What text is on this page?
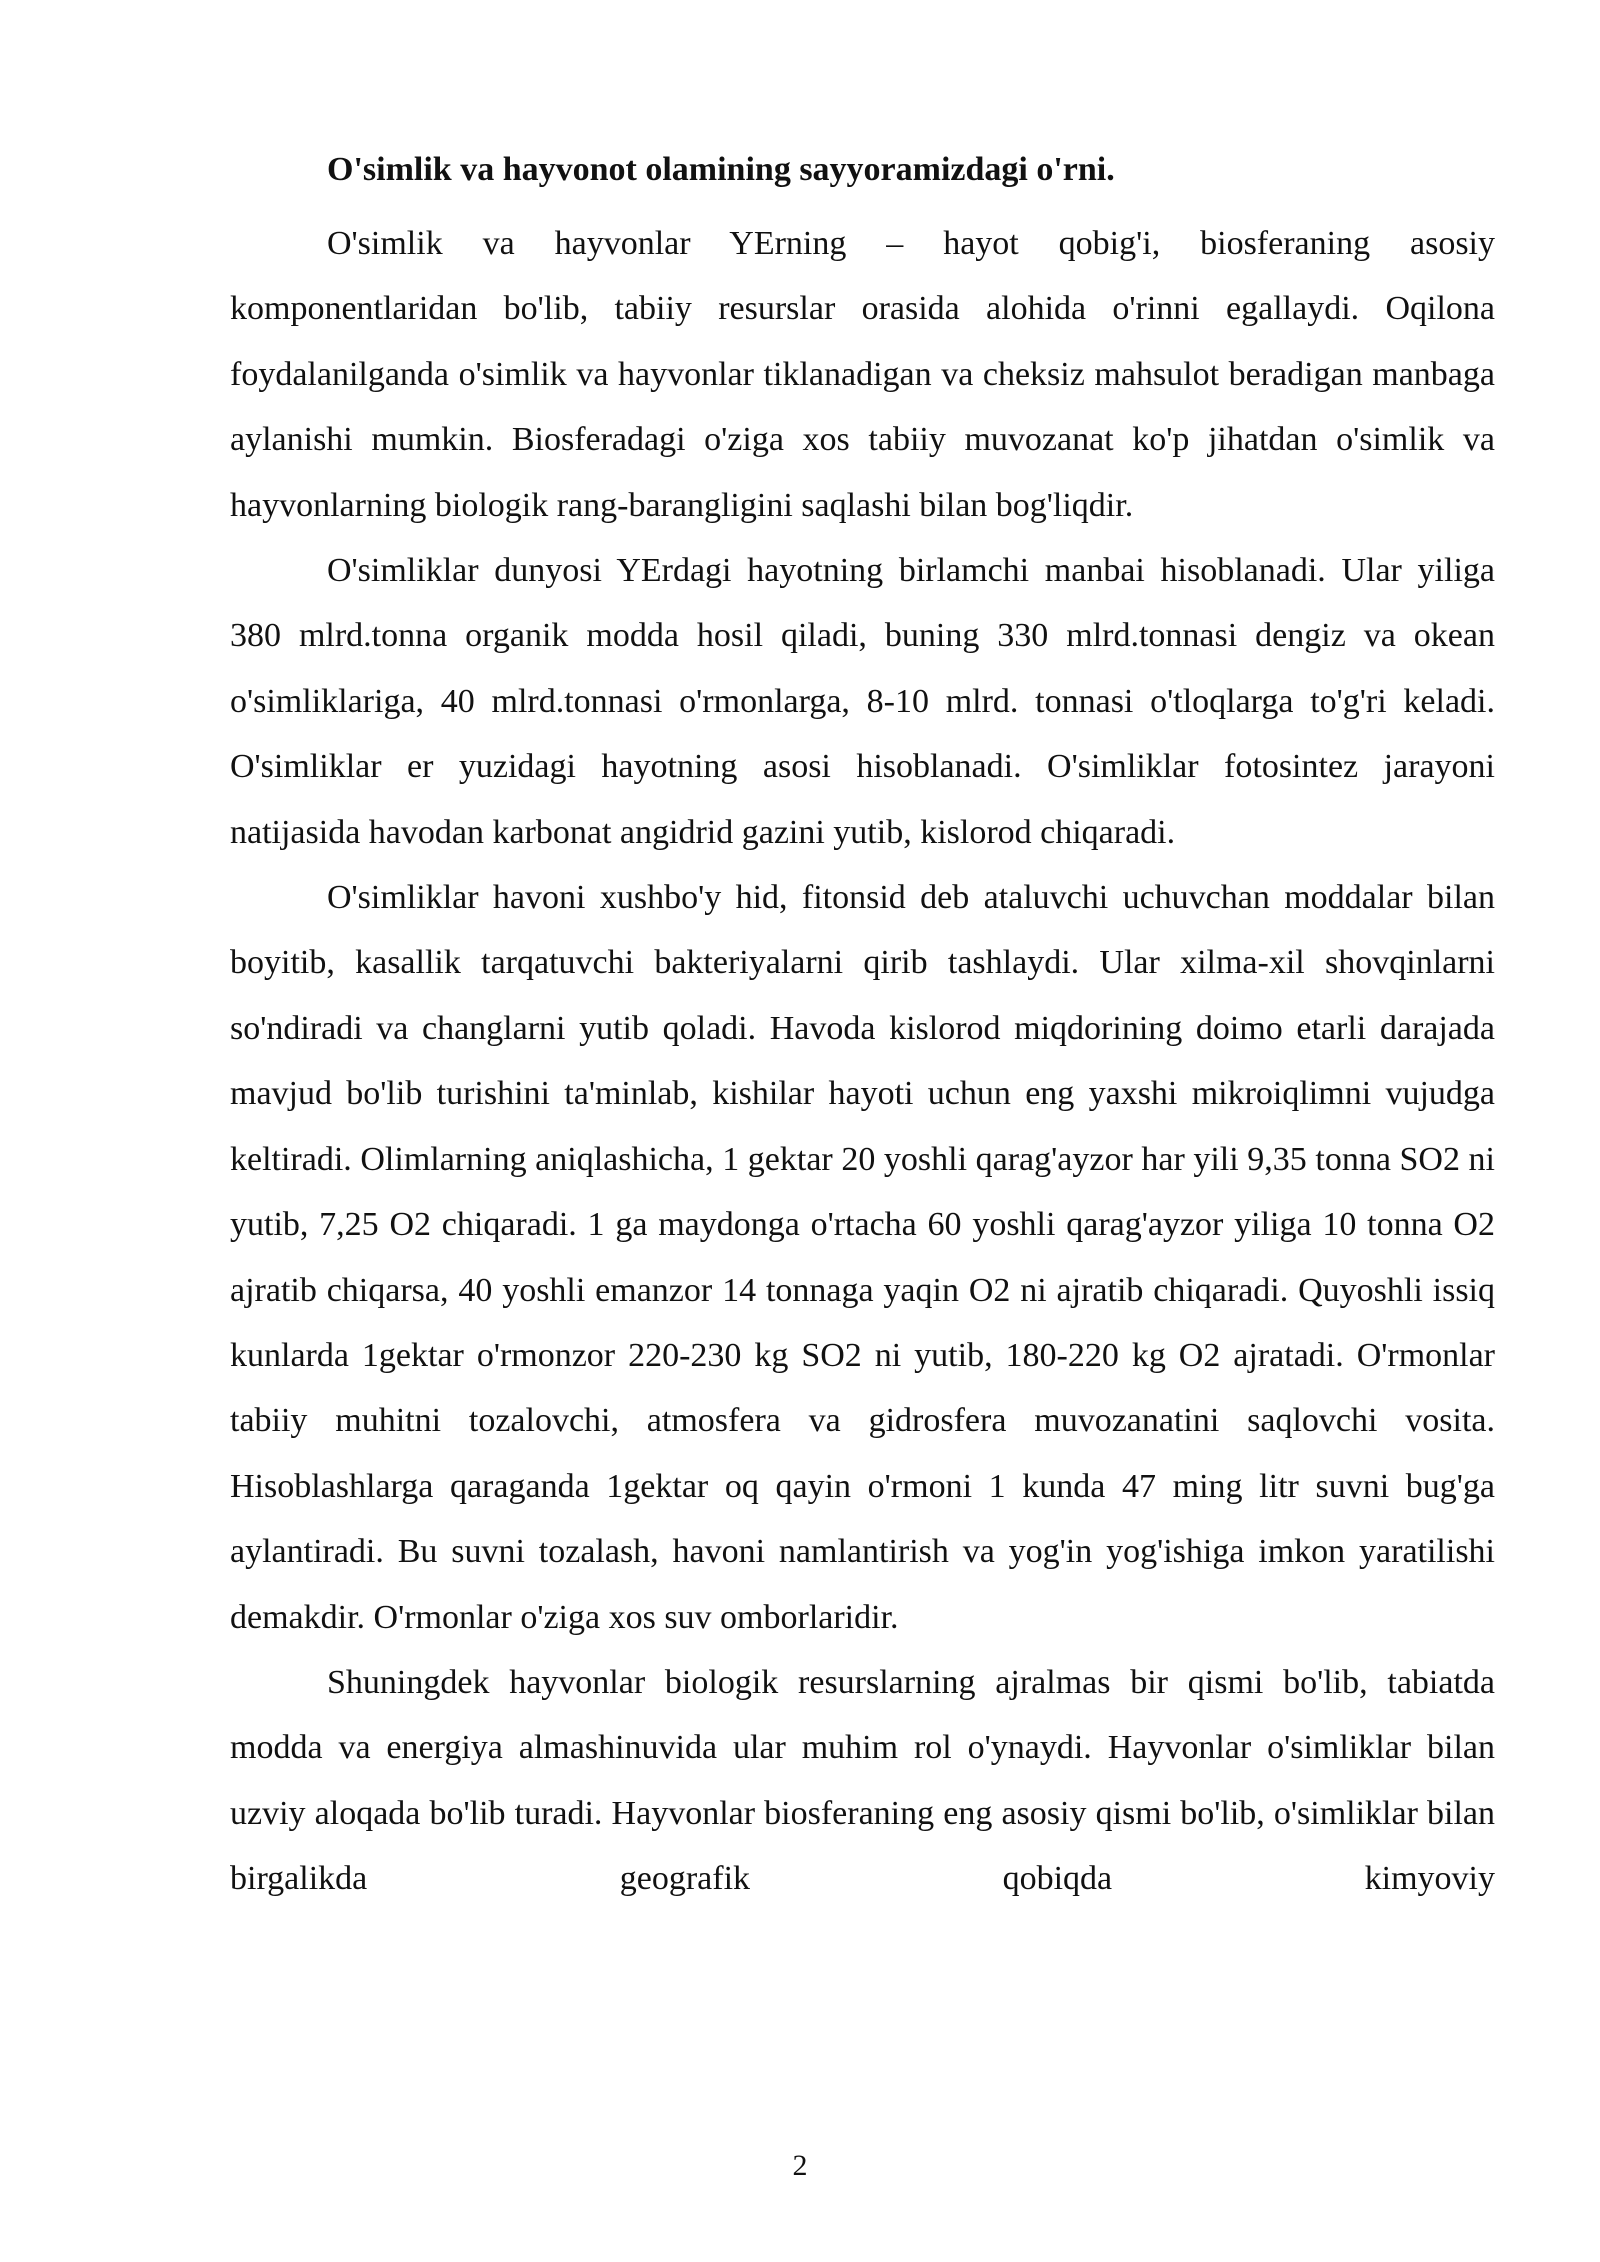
O'simlik va hayvonot olamining sayyoramizdagi o'rni.

O'simlik va hayvonlar YErning – hayot qobig'i, biosferaning asosiy komponentlaridan bo'lib, tabiiy resurslar orasida alohida o'rinni egallaydi. Oqilona foydalanilganda o'simlik va hayvonlar tiklanadigan va cheksiz mahsulot beradigan manbaga aylanishi mumkin. Biosferadagi o'ziga xos tabiiy muvozanat ko'p jihatdan o'simlik va hayvonlarning biologik rang-barangligini saqlashi bilan bog'liqdir.

O'simliklar dunyosi YErdagi hayotning birlamchi manbai hisoblanadi. Ular yiliga 380 mlrd.tonna organik modda hosil qiladi, buning 330 mlrd.tonnasi dengiz va okean o'simliklariga, 40 mlrd.tonnasi o'rmonlarga, 8-10 mlrd. tonnasi o'tloqlarga to'g'ri keladi. O'simliklar er yuzidagi hayotning asosi hisoblanadi. O'simliklar fotosintez jarayoni natijasida havodan karbonat angidrid gazini yutib, kislorod chiqaradi.

O'simliklar havoni xushbo'y hid, fitonsid deb ataluvchi uchuvchan moddalar bilan boyitib, kasallik tarqatuvchi bakteriyalarni qirib tashlaydi. Ular xilma-xil shovqinlarni so'ndiradi va changlarni yutib qoladi. Havoda kislorod miqdorining doimo etarli darajada mavjud bo'lib turishini ta'minlab, kishilar hayoti uchun eng yaxshi mikroiqlimni vujudga keltiradi. Olimlarning aniqlashicha, 1 gektar 20 yoshli qarag'ayzor har yili 9,35 tonna SO2 ni yutib, 7,25 O2 chiqaradi. 1 ga maydonga o'rtacha 60 yoshli qarag'ayzor yiliga 10 tonna O2 ajratib chiqarsa, 40 yoshli emanzor 14 tonnaga yaqin O2 ni ajratib chiqaradi. Quyoshli issiq kunlarda 1gektar o'rmonzor 220-230 kg SO2 ni yutib, 180-220 kg O2 ajratadi. O'rmonlar tabiiy muhitni tozalovchi, atmosfera va gidrosfera muvozanatini saqlovchi vosita. Hisoblashlarga qaraganda 1gektar oq qayin o'rmoni 1 kunda 47 ming litr suvni bug'ga aylantiradi. Bu suvni tozalash, havoni namlantirish va yog'in yog'ishiga imkon yaratilishi demakdir. O'rmonlar o'ziga xos suv omborlaridir.

Shuningdek hayvonlar biologik resurslarning ajralmas bir qismi bo'lib, tabiatda modda va energiya almashinuvida ular muhim rol o'ynaydi. Hayvonlar o'simliklar bilan uzviy aloqada bo'lib turadi. Hayvonlar biosferaning eng asosiy qismi bo'lib, o'simliklar bilan birgalikda geografik qobiqda kimyoviy

2
